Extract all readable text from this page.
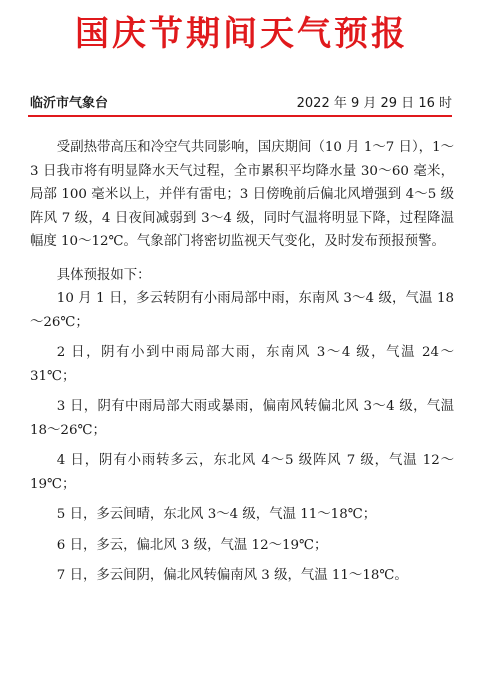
国庆节期间天气预报
临沂市气象台	2022 年 9 月 29 日 16 时

受副热带高压和冷空气共同影响，国庆期间（10 月 1～7 日），1～3 日我市将有明显降水天气过程，全市累积平均降水量 30～60 毫米，局部 100 毫米以上，并伴有雷电；3 日傍晚前后偏北风增强到 4～5 级阵风 7 级，4 日夜间减弱到 3～4 级，同时气温将明显下降，过程降温幅度 10～12℃。气象部门将密切监视天气变化，及时发布预报预警。

具体预报如下：

10 月 1 日，多云转阴有小雨局部中雨，东南风 3～4 级，气温 18～26℃；

2 日，阴有小到中雨局部大雨，东南风 3～4 级，气温 24～31℃；

3 日，阴有中雨局部大雨或暴雨，偏南风转偏北风 3～4 级，气温 18～26℃；

4 日，阴有小雨转多云，东北风 4～5 级阵风 7 级，气温 12～19℃；

5 日，多云间晴，东北风 3～4 级，气温 11～18℃；

6 日，多云，偏北风 3 级，气温 12～19℃；

7 日，多云间阴，偏北风转偏南风 3 级，气温 11～18℃。
